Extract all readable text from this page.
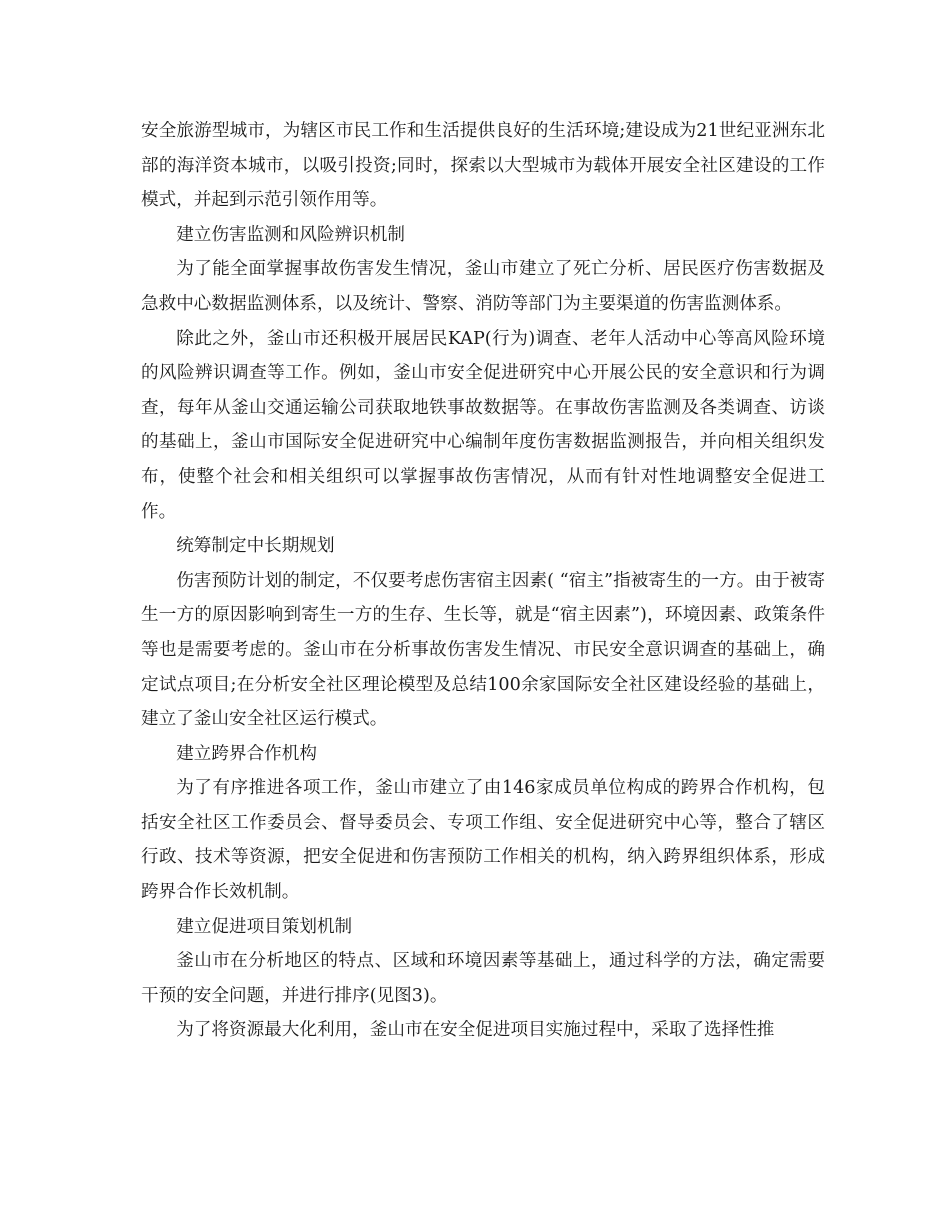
安全旅游型城市，为辖区市民工作和生活提供良好的生活环境;建设成为21世纪亚洲东北部的海洋资本城市，以吸引投资;同时，探索以大型城市为载体开展安全社区建设的工作模式，并起到示范引领作用等。

建立伤害监测和风险辨识机制

为了能全面掌握事故伤害发生情况，釜山市建立了死亡分析、居民医疗伤害数据及急救中心数据监测体系，以及统计、警察、消防等部门为主要渠道的伤害监测体系。

除此之外，釜山市还积极开展居民KAP(行为)调查、老年人活动中心等高风险环境的风险辨识调查等工作。例如，釜山市安全促进研究中心开展公民的安全意识和行为调查，每年从釜山交通运输公司获取地铁事故数据等。在事故伤害监测及各类调查、访谈的基础上，釜山市国际安全促进研究中心编制年度伤害数据监测报告，并向相关组织发布，使整个社会和相关组织可以掌握事故伤害情况，从而有针对性地调整安全促进工作。

统筹制定中长期规划

伤害预防计划的制定，不仅要考虑伤害宿主因素( “宿主”指被寄生的一方。由于被寄生一方的原因影响到寄生一方的生存、生长等，就是“宿主因素”)，环境因素、政策条件等也是需要考虑的。釜山市在分析事故伤害发生情况、市民安全意识调查的基础上，确定试点项目;在分析安全社区理论模型及总结100余家国际安全社区建设经验的基础上，建立了釜山安全社区运行模式。

建立跨界合作机构

为了有序推进各项工作，釜山市建立了由146家成员单位构成的跨界合作机构，包括安全社区工作委员会、督导委员会、专项工作组、安全促进研究中心等，整合了辖区行政、技术等资源，把安全促进和伤害预防工作相关的机构，纳入跨界组织体系，形成跨界合作长效机制。

建立促进项目策划机制

釜山市在分析地区的特点、区域和环境因素等基础上，通过科学的方法，确定需要干预的安全问题，并进行排序(见图3)。

为了将资源最大化利用，釜山市在安全促进项目实施过程中，采取了选择性推
